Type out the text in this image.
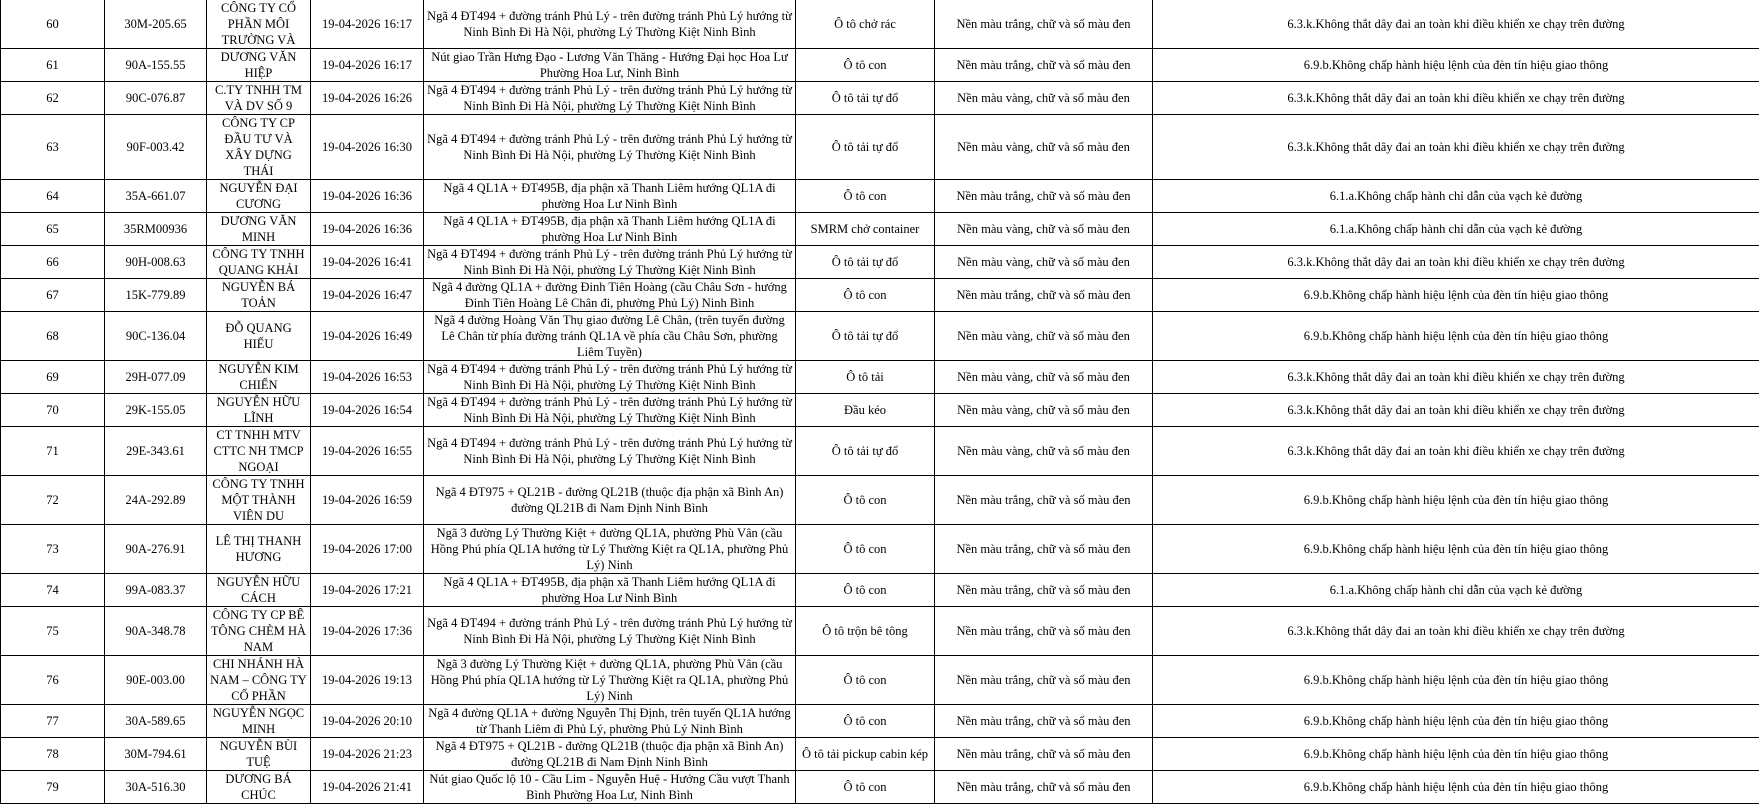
60	30M-205.65	CÔNG TY CỔ PHẦN MÔI TRƯỜNG VÀ	19-04-2026 16:17	Ngã 4 ĐT494 + đường tránh Phủ Lý - trên đường tránh Phủ Lý hướng từ Ninh Bình Đi Hà Nội, phường Lý Thường Kiệt Ninh Bình	Ô tô chở rác	Nền màu trắng, chữ và số màu đen	6.3.k.Không thắt dây đai an toàn khi điều khiển xe chạy trên đường
61	90A-155.55	DƯƠNG VĂN HIỆP	19-04-2026 16:17	Nút giao Trần Hưng Đạo - Lương Văn Thăng - Hướng Đại học Hoa Lư Phường Hoa Lư, Ninh Bình	Ô tô con	Nền màu trắng, chữ và số màu đen	6.9.b.Không chấp hành hiệu lệnh của đèn tín hiệu giao thông
62	90C-076.87	C.TY TNHH TM VÀ DV SỐ 9	19-04-2026 16:26	Ngã 4 ĐT494 + đường tránh Phủ Lý - trên đường tránh Phủ Lý hướng từ Ninh Bình Đi Hà Nội, phường Lý Thường Kiệt Ninh Bình	Ô tô tải tự đổ	Nền màu vàng, chữ và số màu đen	6.3.k.Không thắt dây đai an toàn khi điều khiển xe chạy trên đường
63	90F-003.42	CÔNG TY CP ĐẦU TƯ VÀ XÂY DỰNG THÁI	19-04-2026 16:30	Ngã 4 ĐT494 + đường tránh Phủ Lý - trên đường tránh Phủ Lý hướng từ Ninh Bình Đi Hà Nội, phường Lý Thường Kiệt Ninh Bình	Ô tô tải tự đổ	Nền màu vàng, chữ và số màu đen	6.3.k.Không thắt dây đai an toàn khi điều khiển xe chạy trên đường
64	35A-661.07	NGUYỄN ĐẠI CƯƠNG	19-04-2026 16:36	Ngã 4 QL1A + ĐT495B, địa phận xã Thanh Liêm hướng QL1A đi phường Hoa Lư Ninh Bình	Ô tô con	Nền màu trắng, chữ và số màu đen	6.1.a.Không chấp hành chỉ dẫn của vạch kẻ đường
65	35RM00936	DƯƠNG VĂN MINH	19-04-2026 16:36	Ngã 4 QL1A + ĐT495B, địa phận xã Thanh Liêm hướng QL1A đi phường Hoa Lư Ninh Bình	SMRM chở container	Nền màu vàng, chữ và số màu đen	6.1.a.Không chấp hành chỉ dẫn của vạch kẻ đường
66	90H-008.63	CÔNG TY TNHH QUANG KHẢI	19-04-2026 16:41	Ngã 4 ĐT494 + đường tránh Phủ Lý - trên đường tránh Phủ Lý hướng từ Ninh Bình Đi Hà Nội, phường Lý Thường Kiệt Ninh Bình	Ô tô tải tự đổ	Nền màu vàng, chữ và số màu đen	6.3.k.Không thắt dây đai an toàn khi điều khiển xe chạy trên đường
67	15K-779.89	NGUYỄN BÁ TOẢN	19-04-2026 16:47	Ngã 4 đường QL1A + đường Đinh Tiên Hoàng (cầu Châu Sơn - hướng Đinh Tiên Hoàng Lê Chân đi, phường Phủ Lý) Ninh Bình	Ô tô con	Nền màu trắng, chữ và số màu đen	6.9.b.Không chấp hành hiệu lệnh của đèn tín hiệu giao thông
68	90C-136.04	ĐỖ QUANG HIẾU	19-04-2026 16:49	Ngã 4 đường Hoàng Văn Thụ giao đường Lê Chân, (trên tuyến đường Lê Chân từ phía đường tránh QL1A về phía cầu Châu Sơn, phường Liêm Tuyền)	Ô tô tải tự đổ	Nền màu vàng, chữ và số màu đen	6.9.b.Không chấp hành hiệu lệnh của đèn tín hiệu giao thông
69	29H-077.09	NGUYỄN KIM CHIẾN	19-04-2026 16:53	Ngã 4 ĐT494 + đường tránh Phủ Lý - trên đường tránh Phủ Lý hướng từ Ninh Bình Đi Hà Nội, phường Lý Thường Kiệt Ninh Bình	Ô tô tải	Nền màu vàng, chữ và số màu đen	6.3.k.Không thắt dây đai an toàn khi điều khiển xe chạy trên đường
70	29K-155.05	NGUYỄN HỮU LĨNH	19-04-2026 16:54	Ngã 4 ĐT494 + đường tránh Phủ Lý - trên đường tránh Phủ Lý hướng từ Ninh Bình Đi Hà Nội, phường Lý Thường Kiệt Ninh Bình	Đầu kéo	Nền màu vàng, chữ và số màu đen	6.3.k.Không thắt dây đai an toàn khi điều khiển xe chạy trên đường
71	29E-343.61	CT TNHH MTV CTTC NH TMCP NGOẠI	19-04-2026 16:55	Ngã 4 ĐT494 + đường tránh Phủ Lý - trên đường tránh Phủ Lý hướng từ Ninh Bình Đi Hà Nội, phường Lý Thường Kiệt Ninh Bình	Ô tô tải tự đổ	Nền màu vàng, chữ và số màu đen	6.3.k.Không thắt dây đai an toàn khi điều khiển xe chạy trên đường
72	24A-292.89	CÔNG TY TNHH MỘT THÀNH VIÊN DU	19-04-2026 16:59	Ngã 4 ĐT975 + QL21B - đường QL21B (thuộc địa phận xã Bình An) đường QL21B đi Nam Định Ninh Bình	Ô tô con	Nền màu trắng, chữ và số màu đen	6.9.b.Không chấp hành hiệu lệnh của đèn tín hiệu giao thông
73	90A-276.91	LÊ THỊ THANH HƯƠNG	19-04-2026 17:00	Ngã 3 đường Lý Thường Kiệt + đường QL1A, phường Phù Vân (cầu Hồng Phú phía QL1A hướng từ Lý Thường Kiệt ra QL1A, phường Phủ Lý) Ninh	Ô tô con	Nền màu trắng, chữ và số màu đen	6.9.b.Không chấp hành hiệu lệnh của đèn tín hiệu giao thông
74	99A-083.37	NGUYỄN HỮU CÁCH	19-04-2026 17:21	Ngã 4 QL1A + ĐT495B, địa phận xã Thanh Liêm hướng QL1A đi phường Hoa Lư Ninh Bình	Ô tô con	Nền màu trắng, chữ và số màu đen	6.1.a.Không chấp hành chỉ dẫn của vạch kẻ đường
75	90A-348.78	CÔNG TY CP BÊ TÔNG CHÈM HÀ NAM	19-04-2026 17:36	Ngã 4 ĐT494 + đường tránh Phủ Lý - trên đường tránh Phủ Lý hướng từ Ninh Bình Đi Hà Nội, phường Lý Thường Kiệt Ninh Bình	Ô tô trộn bê tông	Nền màu trắng, chữ và số màu đen	6.3.k.Không thắt dây đai an toàn khi điều khiển xe chạy trên đường
76	90E-003.00	CHI NHÁNH HÀ NAM – CÔNG TY CỔ PHẦN	19-04-2026 19:13	Ngã 3 đường Lý Thường Kiệt + đường QL1A, phường Phù Vân (cầu Hồng Phú phía QL1A hướng từ Lý Thường Kiệt ra QL1A, phường Phủ Lý) Ninh	Ô tô con	Nền màu trắng, chữ và số màu đen	6.9.b.Không chấp hành hiệu lệnh của đèn tín hiệu giao thông
77	30A-589.65	NGUYỄN NGỌC MINH	19-04-2026 20:10	Ngã 4 đường QL1A + đường Nguyễn Thị Định, trên tuyến QL1A hướng từ Thanh Liêm đi Phủ Lý, phường Phủ Lý Ninh Bình	Ô tô con	Nền màu trắng, chữ và số màu đen	6.9.b.Không chấp hành hiệu lệnh của đèn tín hiệu giao thông
78	30M-794.61	NGUYỄN BÙI TUỆ	19-04-2026 21:23	Ngã 4 ĐT975 + QL21B - đường QL21B (thuộc địa phận xã Bình An) đường QL21B đi Nam Định Ninh Bình	Ô tô tải pickup cabin kép	Nền màu trắng, chữ và số màu đen	6.9.b.Không chấp hành hiệu lệnh của đèn tín hiệu giao thông
79	30A-516.30	DƯƠNG BÁ CHÚC	19-04-2026 21:41	Nút giao Quốc lộ 10 - Cầu Lim - Nguyễn Huệ - Hướng Cầu vượt Thanh Bình Phường Hoa Lư, Ninh Bình	Ô tô con	Nền màu trắng, chữ và số màu đen	6.9.b.Không chấp hành hiệu lệnh của đèn tín hiệu giao thông
